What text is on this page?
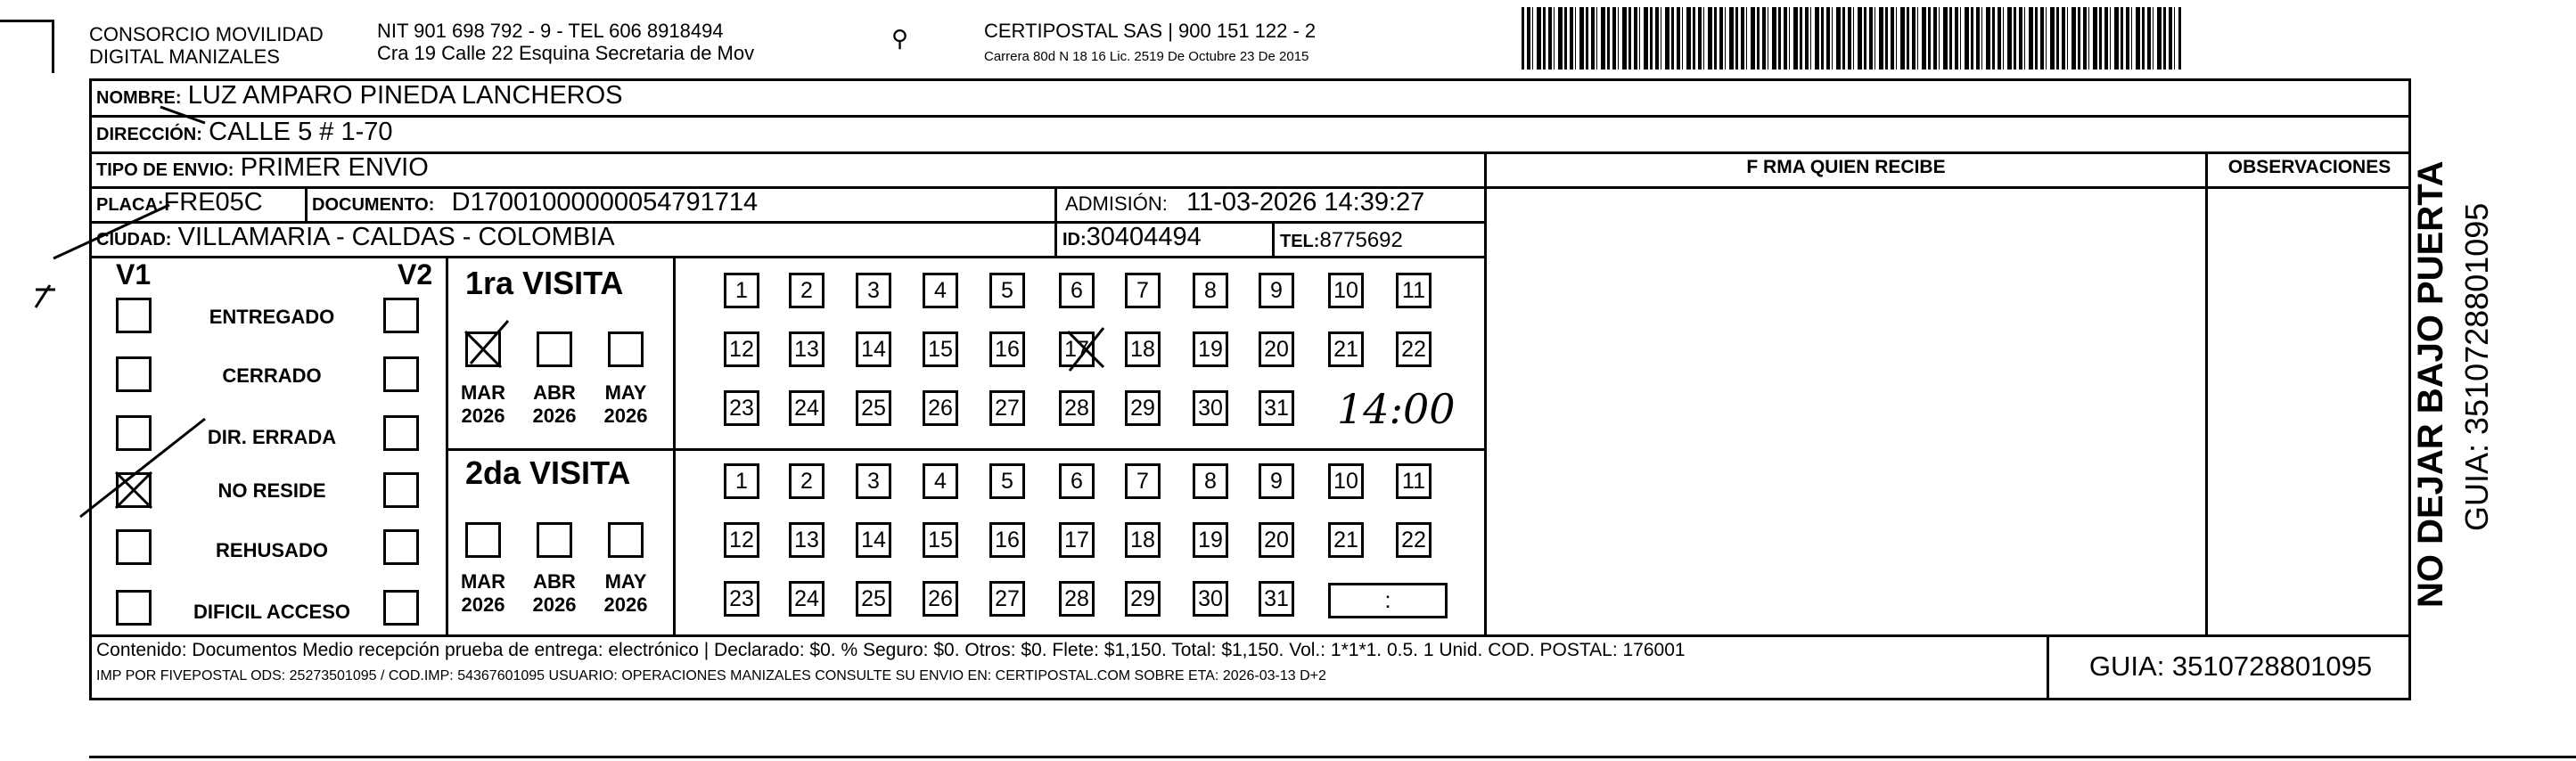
CONSORCIO MOVILIDAD
DIGITAL MANIZALES
NIT 901 698 792 - 9 - TEL 606 8918494
Cra 19 Calle 22 Esquina Secretaria de Mov
⚲	CERTIPOSTAL SAS | 900 151 122 - 2
Carrera 80d N 18 16 Lic. 2519 De Octubre 23 De 2015
NOMBRE: LUZ AMPARO PINEDA LANCHEROS
DIRECCIÓN: CALLE 5 # 1-70
TIPO DE ENVIO: PRIMER ENVIO
PLACA:FRE05C	DOCUMENTO: D17001000000054791714	ADMISIÓN: 11-03-2026 14:39:27
CIUDAD: VILLAMARIA - CALDAS - COLOMBIA	ID:30404494	TEL:8775692
F RMA QUIEN RECIBE	OBSERVACIONES
V1	V2
ENTREGADO
CERRADO
DIR. ERRADA
NO RESIDE
REHUSADO
DIFICIL ACCESO
1ra VISITA
MAR
2026
ABR
2026
MAY
2026
1	2	3	4	5	6	7	8	9	10 11
12 13 14 15 16 17 18 19 20 21 22
23 24 25 26 27 28 29 30 31 14:00
2da VISITA
MAR
2026
ABR
2026
MAY
2026
1	2	3	4	5	6	7	8	9	10 11
12 13 14 15 16 17 18 19 20 21 22
23 24 25 26 27 28 29 30 31	:
Contenido: Documentos Medio recepción prueba de entrega: electrónico | Declarado: $0. % Seguro: $0. Otros: $0. Flete: $1,150. Total: $1,150. Vol.: 1*1*1. 0.5. 1 Unid. COD. POSTAL: 176001
IMP POR FIVEPOSTAL ODS: 25273501095 / COD.IMP: 54367601095 USUARIO: OPERACIONES MANIZALES CONSULTE SU ENVIO EN: CERTIPOSTAL.COM SOBRE ETA: 2026-03-13 D+2	GUIA: 3510728801095
NO DEJAR BAJO PUERTA GUIA: 3510728801095
